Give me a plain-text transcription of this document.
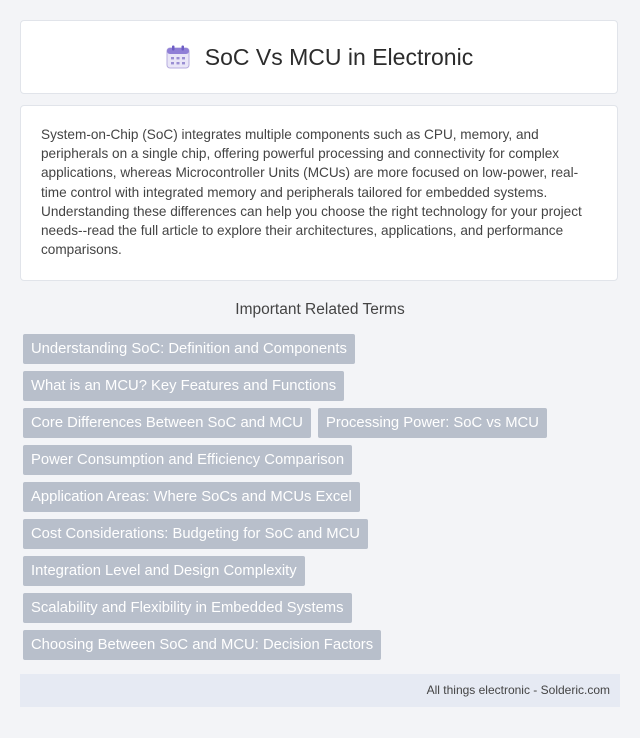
SoC Vs MCU in Electronic
System-on-Chip (SoC) integrates multiple components such as CPU, memory, and peripherals on a single chip, offering powerful processing and connectivity for complex applications, whereas Microcontroller Units (MCUs) are more focused on low-power, real-time control with integrated memory and peripherals tailored for embedded systems. Understanding these differences can help you choose the right technology for your project needs--read the full article to explore their architectures, applications, and performance comparisons.
Important Related Terms
Understanding SoC: Definition and Components
What is an MCU? Key Features and Functions
Core Differences Between SoC and MCU	Processing Power: SoC vs MCU
Power Consumption and Efficiency Comparison
Application Areas: Where SoCs and MCUs Excel
Cost Considerations: Budgeting for SoC and MCU
Integration Level and Design Complexity
Scalability and Flexibility in Embedded Systems
Choosing Between SoC and MCU: Decision Factors
All things electronic - Solderic.com
